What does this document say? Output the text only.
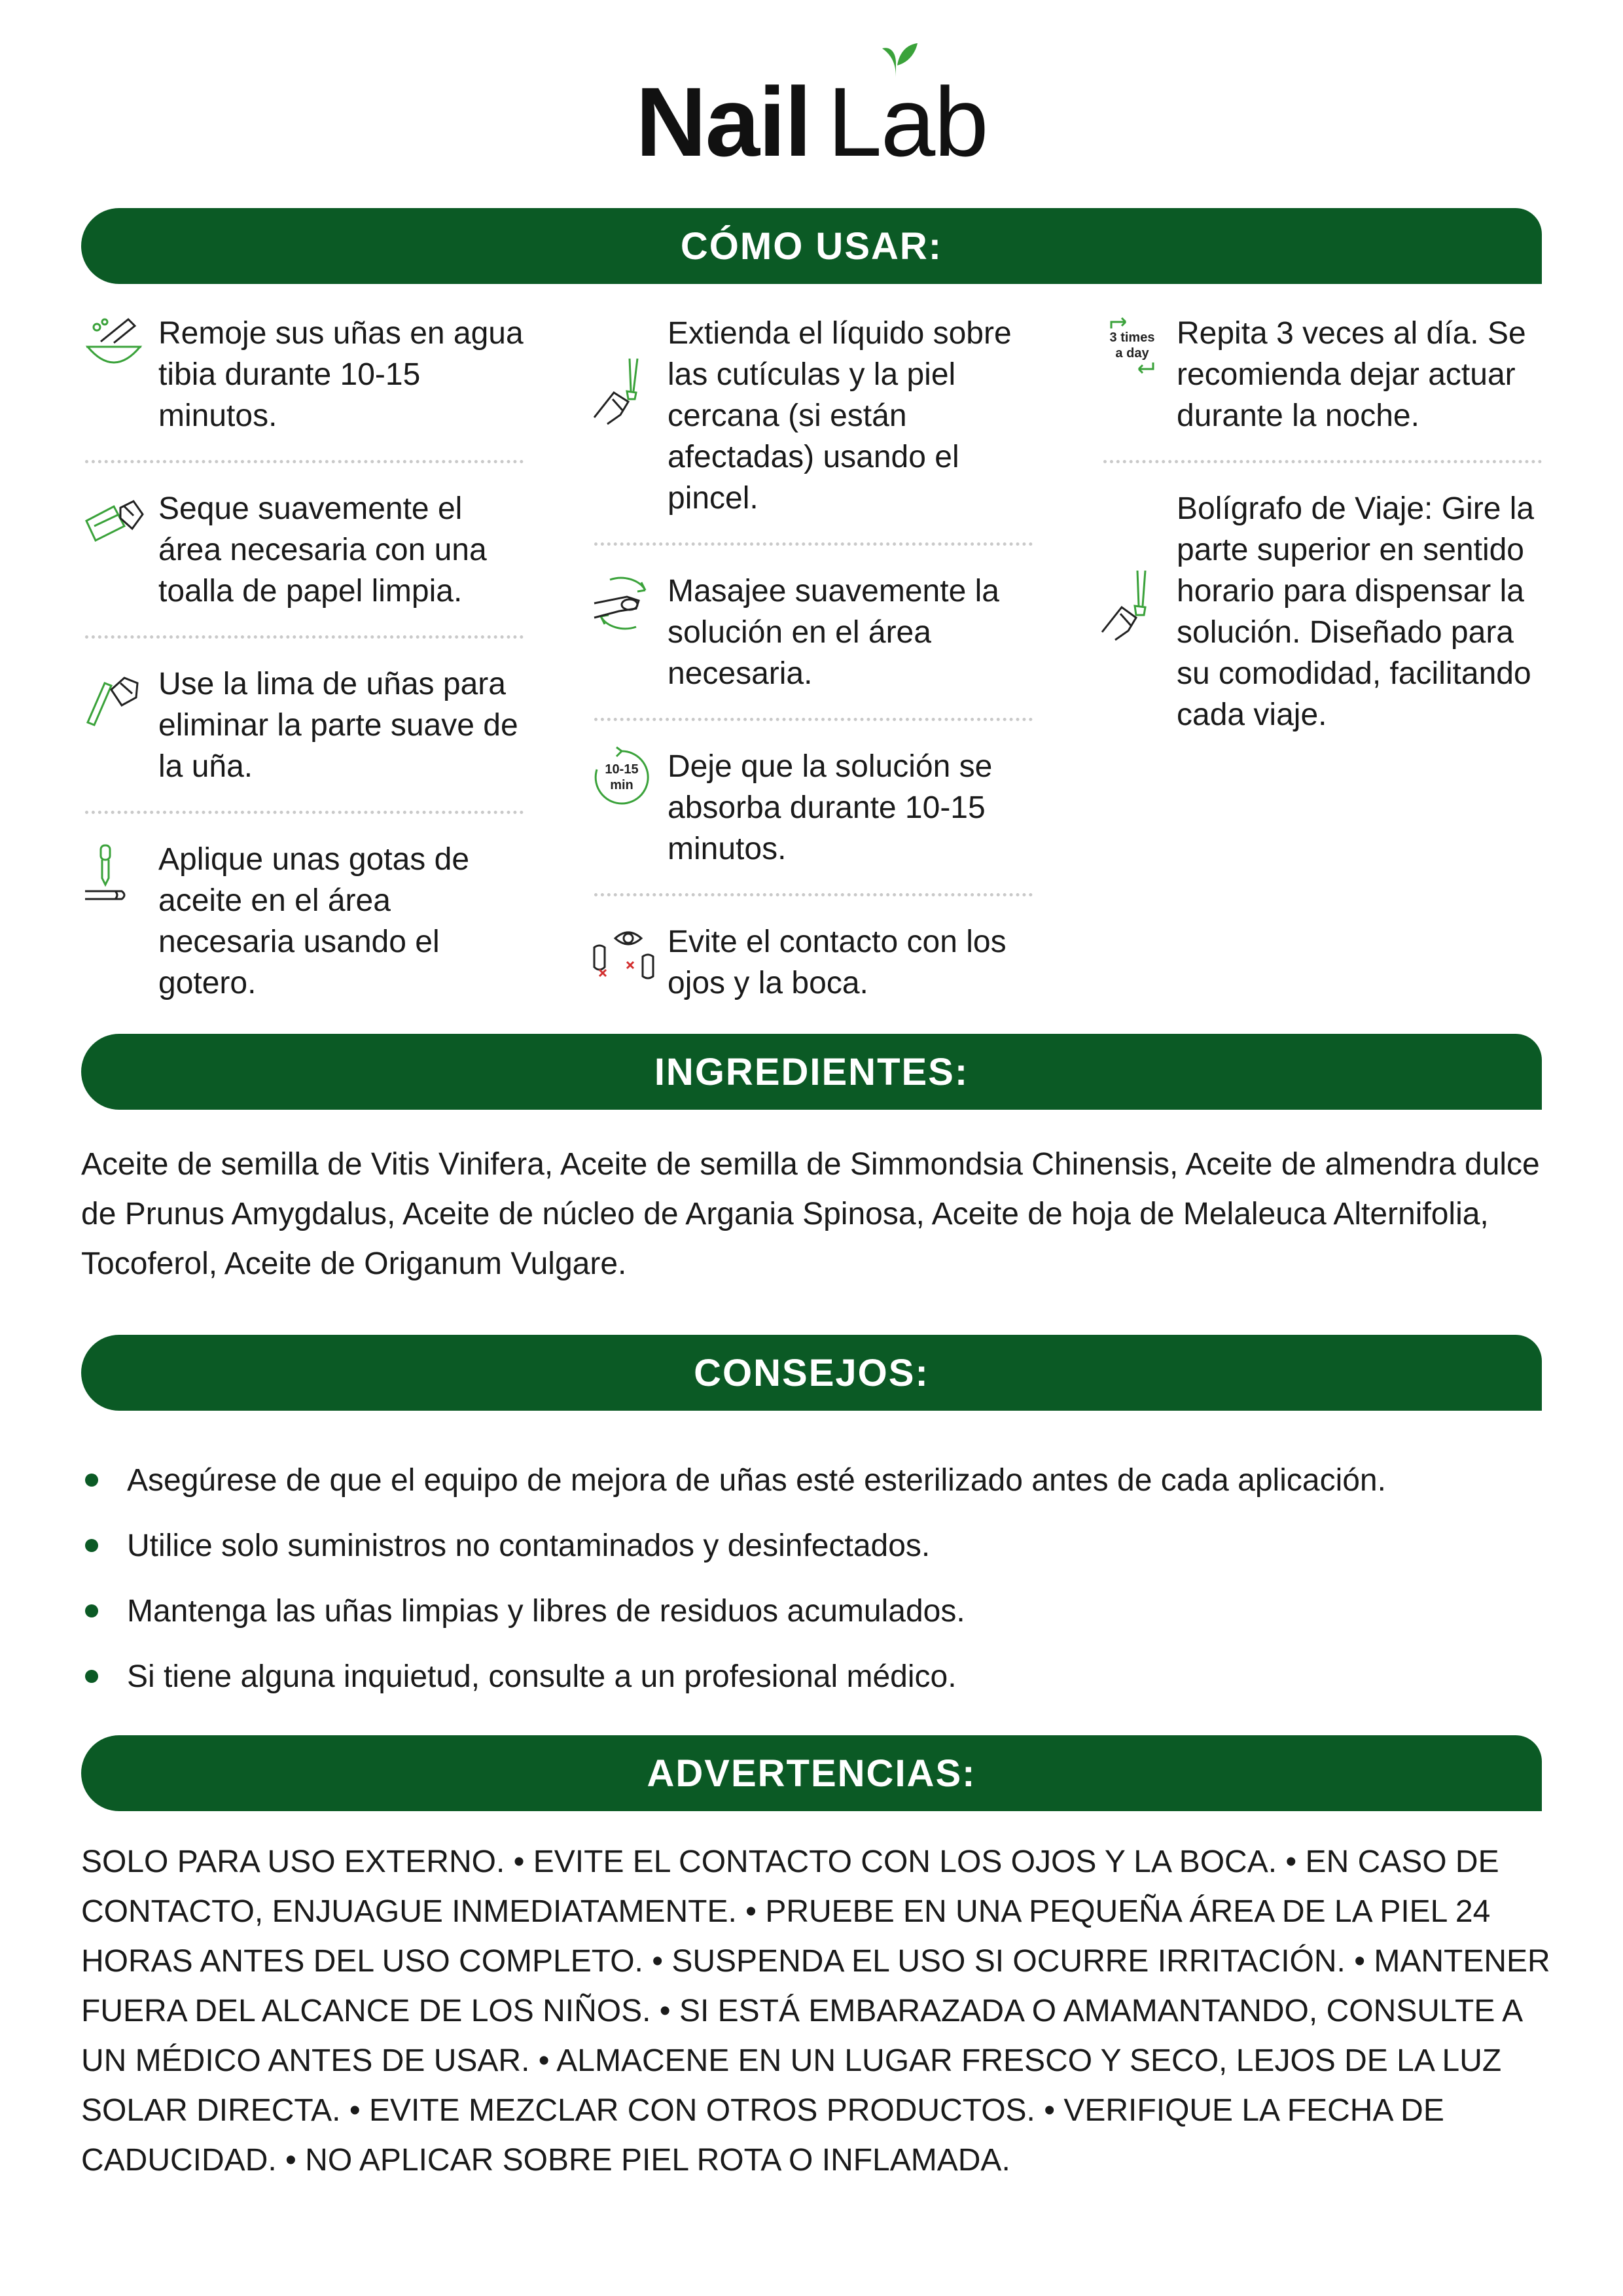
Nail Lab
CÓMO USAR:
Remoje sus uñas en agua tibia durante 10-15 minutos.
Seque suavemente el área necesaria con una toalla de papel limpia.
Use la lima de uñas para eliminar la parte suave de la uña.
Aplique unas gotas de aceite en el área necesaria usando el gotero.
Extienda el líquido sobre las cutículas y la piel cercana (si están afectadas) usando el pincel.
Masajee suavemente la solución en el área necesaria.
10-15
min
Deje que la solución se absorba durante 10-15 minutos.
Evite el contacto con los ojos y la boca.
3 times
a day
Repita 3 veces al día. Se recomienda dejar actuar durante la noche.
Bolígrafo de Viaje: Gire la parte superior en sentido horario para dispensar la solución. Diseñado para su comodidad, facilitando cada viaje.
INGREDIENTES:
Aceite de semilla de Vitis Vinifera, Aceite de semilla de Simmondsia Chinensis, Aceite de almendra dulce de Prunus Amygdalus, Aceite de núcleo de Argania Spinosa, Aceite de hoja de Melaleuca Alternifolia, Tocoferol, Aceite de Origanum Vulgare.
CONSEJOS:
Asegúrese de que el equipo de mejora de uñas esté esterilizado antes de cada aplicación.
Utilice solo suministros no contaminados y desinfectados.
Mantenga las uñas limpias y libres de residuos acumulados.
Si tiene alguna inquietud, consulte a un profesional médico.
ADVERTENCIAS:
SOLO PARA USO EXTERNO. • EVITE EL CONTACTO CON LOS OJOS Y LA BOCA. • EN CASO DE CONTACTO, ENJUAGUE INMEDIATAMENTE. • PRUEBE EN UNA PEQUEÑA ÁREA DE LA PIEL 24 HORAS ANTES DEL USO COMPLETO. • SUSPENDA EL USO SI OCURRE IRRITACIÓN. • MANTENER FUERA DEL ALCANCE DE LOS NIÑOS. • SI ESTÁ EMBARAZADA O AMAMANTANDO, CONSULTE A UN MÉDICO ANTES DE USAR. • ALMACENE EN UN LUGAR FRESCO Y SECO, LEJOS DE LA LUZ SOLAR DIRECTA. • EVITE MEZCLAR CON OTROS PRODUCTOS. • VERIFIQUE LA FECHA DE CADUCIDAD. • NO APLICAR SOBRE PIEL ROTA O INFLAMADA.
